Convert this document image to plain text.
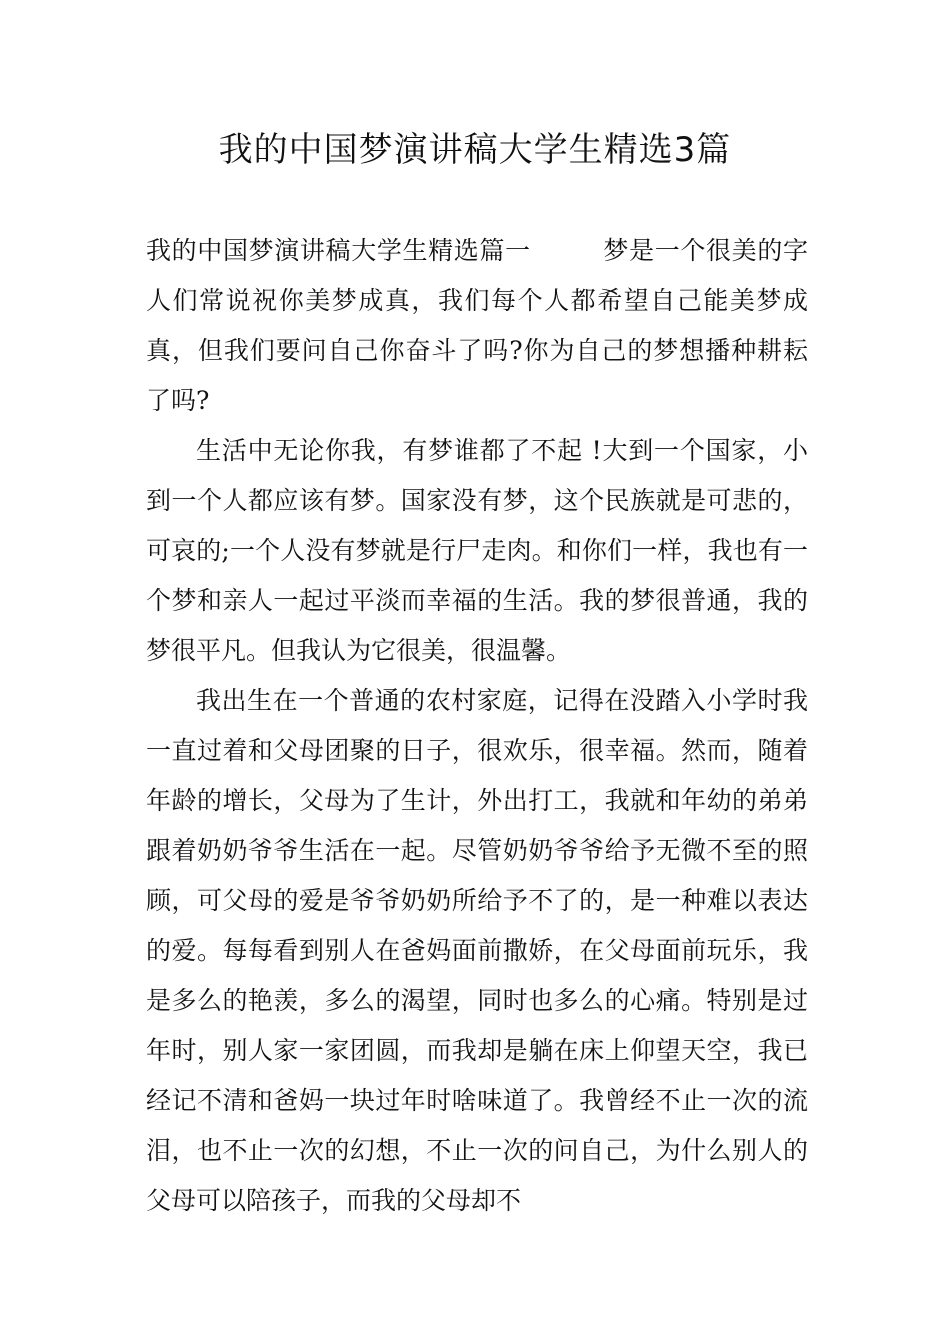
我的中国梦演讲稿大学生精选3篇

我的中国梦演讲稿大学生精选篇一	梦是一个很美的字人们常说祝你美梦成真，我们每个人都希望自己能美梦成真，但我们要问自己你奋斗了吗?你为自己的梦想播种耕耘了吗?

生活中无论你我，有梦谁都了不起 !大到一个国家，小到一个人都应该有梦。国家没有梦，这个民族就是可悲的，可哀的;一个人没有梦就是行尸走肉。和你们一样，我也有一个梦和亲人一起过平淡而幸福的生活。我的梦很普通，我的梦很平凡。但我认为它很美，很温馨。

我出生在一个普通的农村家庭，记得在没踏入小学时我一直过着和父母团聚的日子，很欢乐，很幸福。然而，随着年龄的增长，父母为了生计，外出打工，我就和年幼的弟弟跟着奶奶爷爷生活在一起。尽管奶奶爷爷给予无微不至的照顾，可父母的爱是爷爷奶奶所给予不了的，是一种难以表达的爱。每每看到别人在爸妈面前撒娇，在父母面前玩乐，我是多么的艳羡，多么的渴望，同时也多么的心痛。特别是过年时，别人家一家团圆，而我却是躺在床上仰望天空，我已经记不清和爸妈一块过年时啥味道了。我曾经不止一次的流泪，也不止一次的幻想，不止一次的问自己，为什么别人的父母可以陪孩子，而我的父母却不
